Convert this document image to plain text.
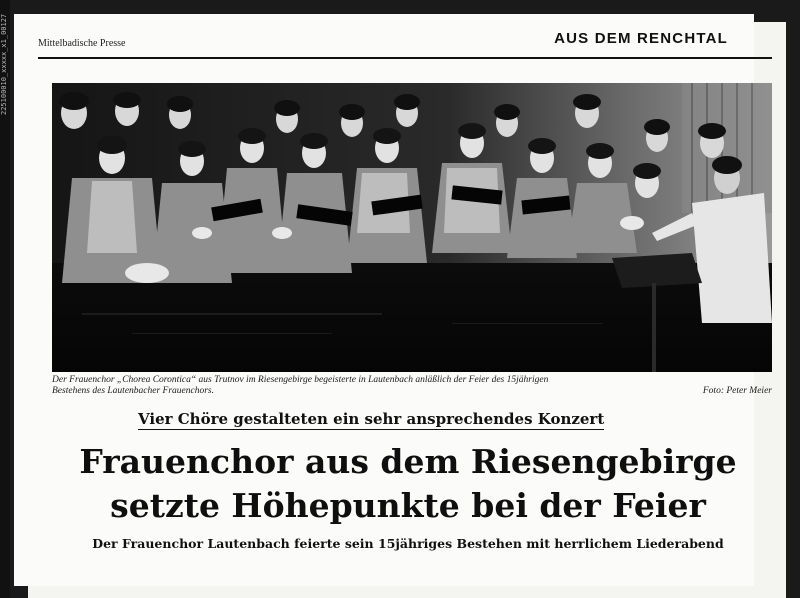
225100010_xxxxx_x1_00127	Mittelbadische Presse	AUS DEM RENCHTAL
Der Frauenchor „Chorea Corontica“ aus Trutnov im Riesengebirge begeisterte in Lautenbach anläßlich der Feier des 15jährigen
Bestehens des Lautenbacher Frauenchors.	Foto: Peter Meier
Vier Chöre gestalteten ein sehr ansprechendes Konzert
Frauenchor aus dem Riesengebirge
setzte Höhepunkte bei der Feier
Der Frauenchor Lautenbach feierte sein 15jähriges Bestehen mit herrlichem Liederabend
